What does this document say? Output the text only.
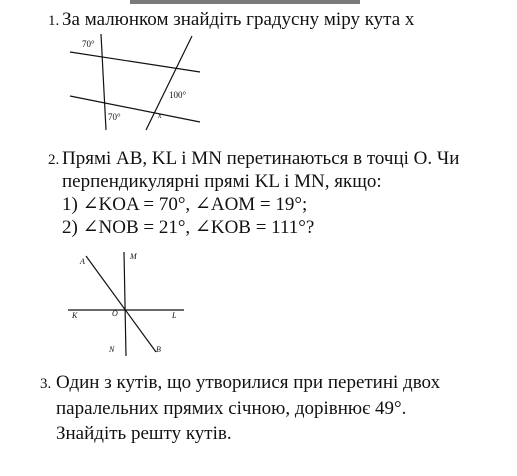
1. За малюнком знайдіть градусну міру кута х
70°
100°
70°	x
2. Прямі AB, KL і MN перетинаються в точці О. Чи
перпендикулярні прямі KL і MN, якщо:
1) ∠KOA = 70°, ∠AOM = 19°;
2) ∠NOB = 21°, ∠KOB = 111°?
A
M
K	O	L
N	B
3. Один з кутів, що утворилися при перетині двох
паралельних прямих січною, дорівнює 49°.
Знайдіть решту кутів.
